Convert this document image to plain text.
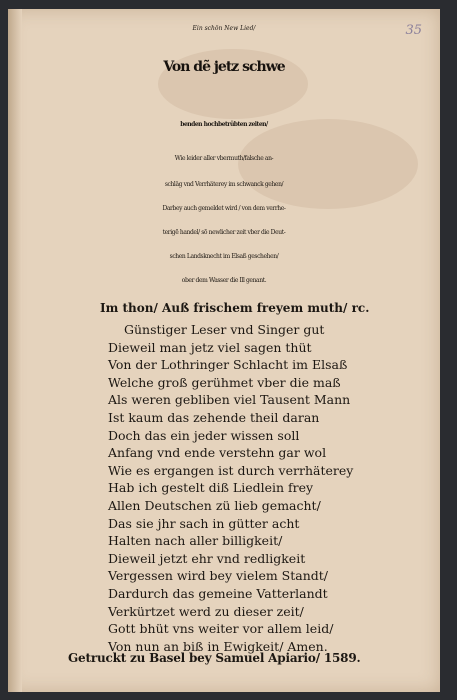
35
Ein schön New Lied/
Von dẽ jetz schwe
benden hochbetrübten zeiten/
Wie leider aller vbermuth/falsche an-
schläg vnd Verrhäterey im schwanck gehen/
Darbey auch gemeldet wird / von dem verrhe-
terigẽ handel/ sõ newlicher zeit vber die Deut-
schen Landsknecht im Elsaß geschehen/
ober dem Wasser die Ill genant.
Im thon/ Auß frischem freyem muth/ rc.
Günstiger Leser vnd Singer gut
Dieweil man jetz viel sagen thüt
Von der Lothringer Schlacht im Elsaß
Welche groß gerühmet vber die maß
Als weren gebliben viel Tausent Mann
Ist kaum das zehende theil daran
Doch das ein jeder wissen soll
Anfang vnd ende verstehn gar wol
Wie es ergangen ist durch verrhäterey
Hab ich gestelt diß Liedlein frey
Allen Deutschen zü lieb gemacht/
Das sie jhr sach in gütter acht
Halten nach aller billigkeit/
Dieweil jetzt ehr vnd redligkeit
Vergessen wird bey vielem Standt/
Dardurch das gemeine Vatterlandt
Verkürtzet werd zu dieser zeit/
Gott bhüt vns weiter vor allem leid/
Von nun an biß in Ewigkeit/ Amen.
Getruckt zu Basel bey Samuel Apiario/ 1589.
